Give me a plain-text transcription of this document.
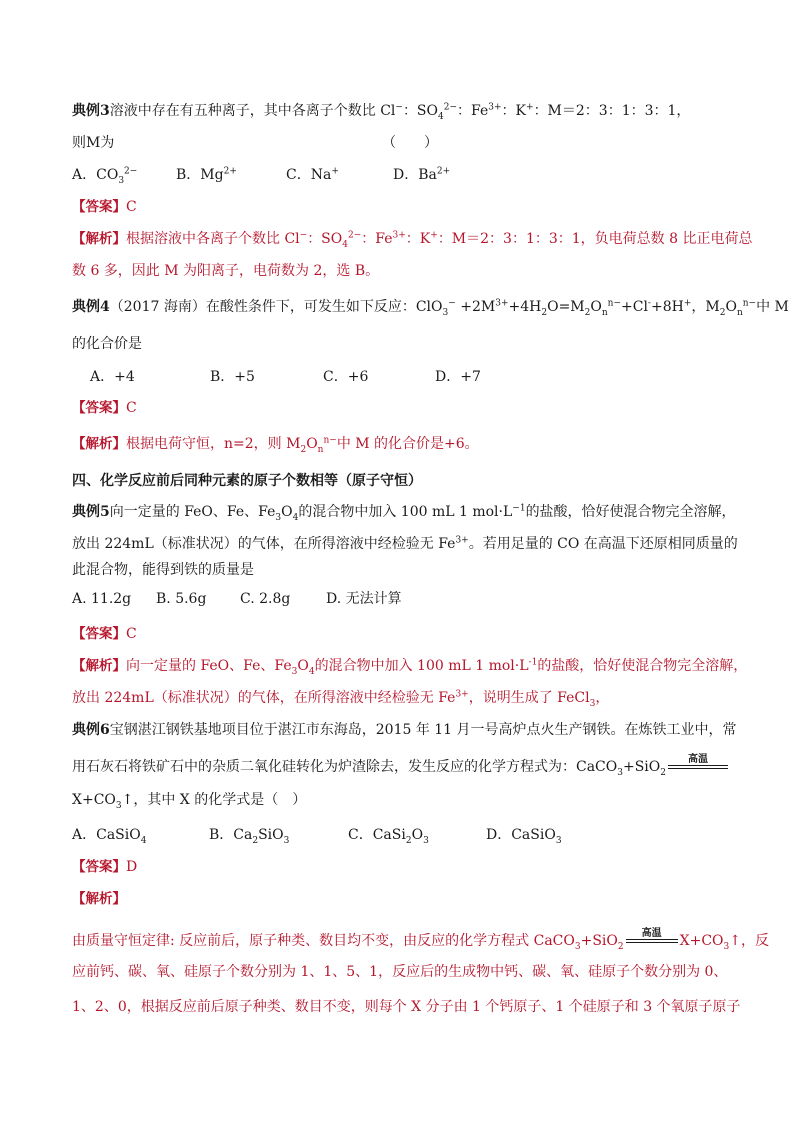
典例3溶液中存在有五种离子，其中各离子个数比 Cl−：$SO_4^{2-}$：$Fe^{3+}$：K+：M＝2：3：1：3：1，
则M为	（　　）
A．$CO_3^{2-}$	B．$Mg^{2+}$	C．Na+	D．$Ba^{2+}$
【答案】C
【解析】根据溶液中各离子个数比 Cl−：$SO_4^{2-}$：$Fe^{3+}$：K+：M＝2：3：1：3：1，负电荷总数 8 比正电荷总
数 6 多，因此 M 为阳离子，电荷数为 2，选 B。
典例4（2017 海南）在酸性条件下，可发生如下反应：$ClO_3^- +2M^{3+}+4H_2O=M_2O_n^{n-}+Cl^-+8H^+$，$M_2O_n^{n-}$中 M
的化合价是
A．+4	B．+5	C．+6	D．+7
【答案】C
【解析】根据电荷守恒，n=2，则 $M_2O_n^{n-}$中 M 的化合价是+6。
四、化学反应前后同种元素的原子个数相等（原子守恒）
典例5向一定量的 FeO、Fe、$Fe_3O_4$的混合物中加入 100 mL 1 $mol\cdot L^{-1}$的盐酸，恰好使混合物完全溶解，
放出 224mL（标准状况）的气体，在所得溶液中经检验无 $Fe^{3+}$。若用足量的 CO 在高温下还原相同质量的
此混合物，能得到铁的质量是
A. 11.2g B. 5.6g C. 2.8g	D. 无法计算
【答案】C
【解析】向一定量的 FeO、Fe、$Fe_3O_4$的混合物中加入 100 mL 1 $mol\cdot L^{-1}$的盐酸，恰好使混合物完全溶解，
放出 224mL（标准状况）的气体，在所得溶液中经检验无 $Fe^{3+}$，说明生成了 FeCl$_3$，
典例6宝钢湛江钢铁基地项目位于湛江市东海岛，2015 年 11 月一号高炉点火生产钢铁。在炼铁工业中，常
用石灰石将铁矿石中的杂质二氧化硅转化为炉渣除去，发生反应的化学方程式为：CaCO$_3$+SiO$_2$
高温
$X+CO_3↑$，其中 X 的化学式是（　）
A．CaSiO$_4$	B．$Ca_2SiO_3$	C．$CaSi_2O_3$	D．CaSiO$_3$
【答案】D
【解析】
由质量守恒定律: 反应前后，原子种类、数目均不变，由反应的化学方程式 CaCO$_3$+SiO$_2$
高温	$X+CO_3↑$，反
应前钙、碳、氧、硅原子个数分别为 1、1、5、1，反应后的生成物中钙、碳、氧、硅原子个数分别为 0、
1、2、0，根据反应前后原子种类、数目不变，则每个 X 分子由 1 个钙原子、1 个硅原子和 3 个氧原子原子
